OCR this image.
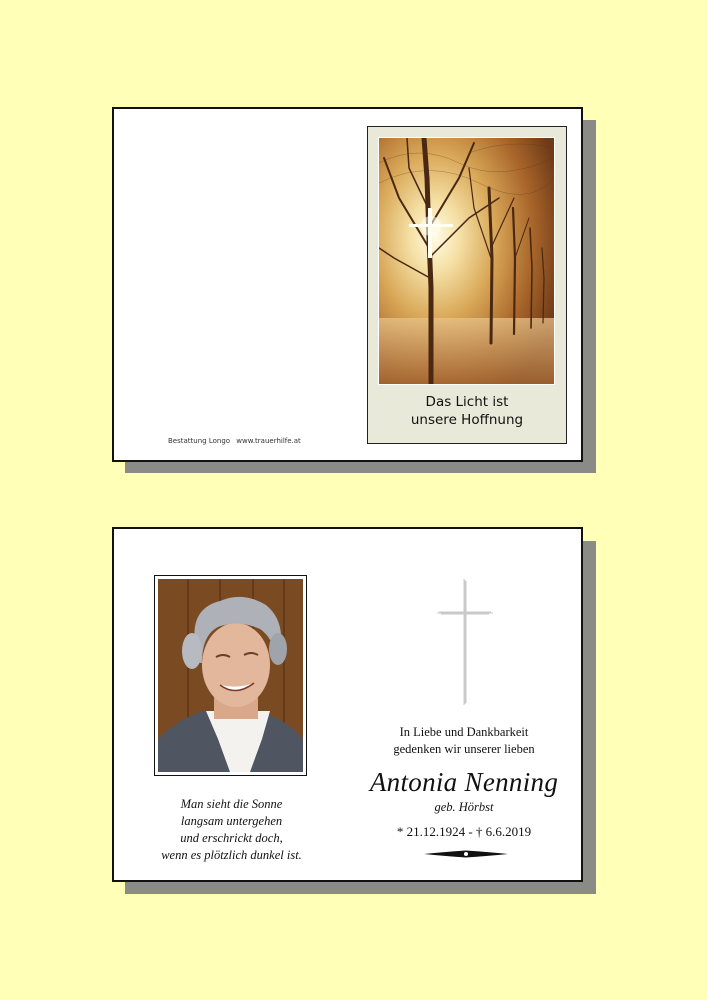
Bestattung Longo www.trauerhilfe.at
Das Licht ist
unsere Hoffnung
Man sieht die Sonne
langsam untergehen
und erschrickt doch,
wenn es plötzlich dunkel ist.
In Liebe und Dankbarkeit
gedenken wir unserer lieben
Antonia Nenning
geb. Hörbst
* 21.12.1924 - † 6.6.2019
